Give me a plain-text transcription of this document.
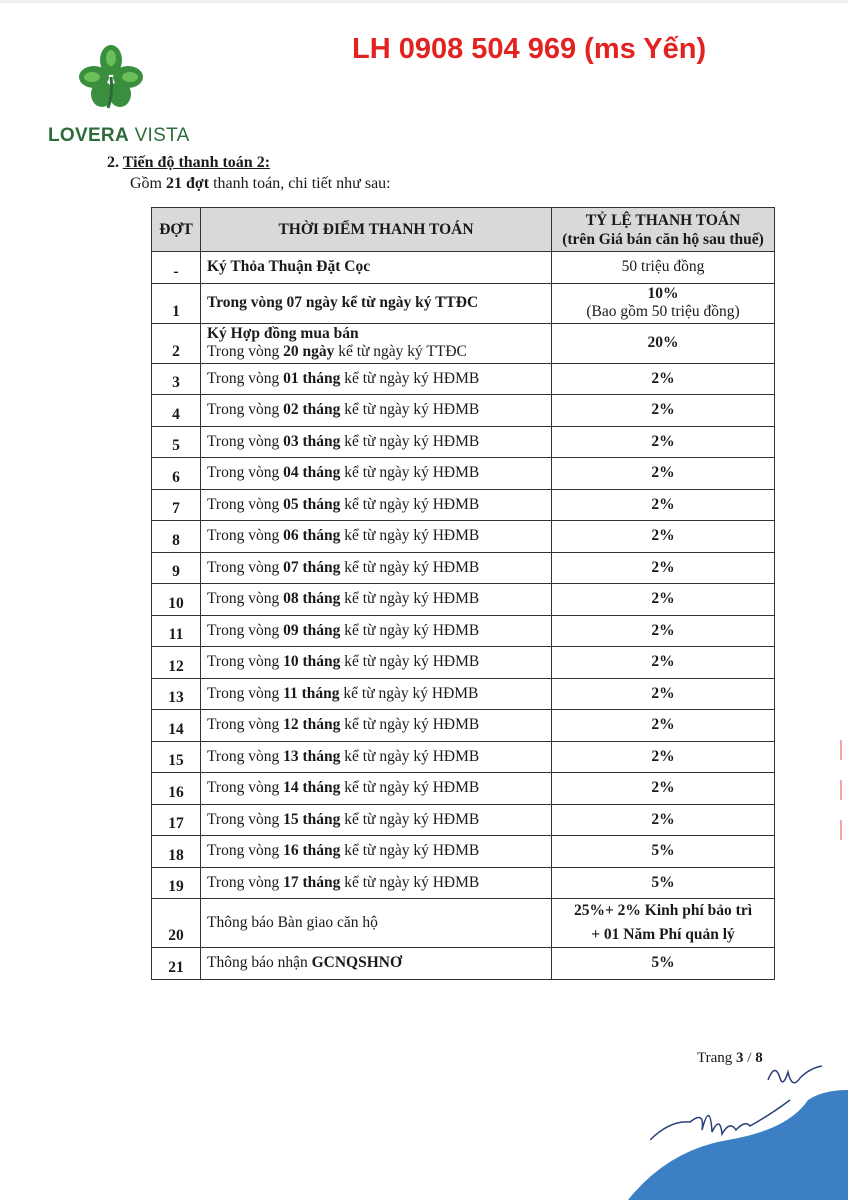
LOVERA VISTA
LH 0908 504 969 (ms Yến)
2. Tiến độ thanh toán 2:
Gồm 21 đợt thanh toán, chi tiết như sau:
ĐỢT	THỜI ĐIỂM THANH TOÁN	TỶ LỆ THANH TOÁN
(trên Giá bán căn hộ sau thuế)

-	Ký Thỏa Thuận Đặt Cọc	50 triệu đồng

1	Trong vòng 07 ngày kể từ ngày ký TTĐC	10%
(Bao gồm 50 triệu đồng)

2	Ký Hợp đồng mua bán
Trong vòng 20 ngày kể từ ngày ký TTĐC	20%

3	Trong vòng 01 tháng kể từ ngày ký HĐMB	2%

4	Trong vòng 02 tháng kể từ ngày ký HĐMB	2%

5	Trong vòng 03 tháng kể từ ngày ký HĐMB	2%

6	Trong vòng 04 tháng kể từ ngày ký HĐMB	2%

7	Trong vòng 05 tháng kể từ ngày ký HĐMB	2%

8	Trong vòng 06 tháng kể từ ngày ký HĐMB	2%

9	Trong vòng 07 tháng kể từ ngày ký HĐMB	2%

10	Trong vòng 08 tháng kể từ ngày ký HĐMB	2%

11	Trong vòng 09 tháng kể từ ngày ký HĐMB	2%

12	Trong vòng 10 tháng kể từ ngày ký HĐMB	2%

13	Trong vòng 11 tháng kể từ ngày ký HĐMB	2%

14	Trong vòng 12 tháng kể từ ngày ký HĐMB	2%

15	Trong vòng 13 tháng kể từ ngày ký HĐMB	2%

16	Trong vòng 14 tháng kể từ ngày ký HĐMB	2%

17	Trong vòng 15 tháng kể từ ngày ký HĐMB	2%

18	Trong vòng 16 tháng kể từ ngày ký HĐMB	5%

19	Trong vòng 17 tháng kể từ ngày ký HĐMB	5%

20	Thông báo Bàn giao căn hộ	25%+ 2% Kinh phí bảo trì
+ 01 Năm Phí quản lý

21	Thông báo nhận GCNQSHNƠ	5%
Trang 3 / 8
